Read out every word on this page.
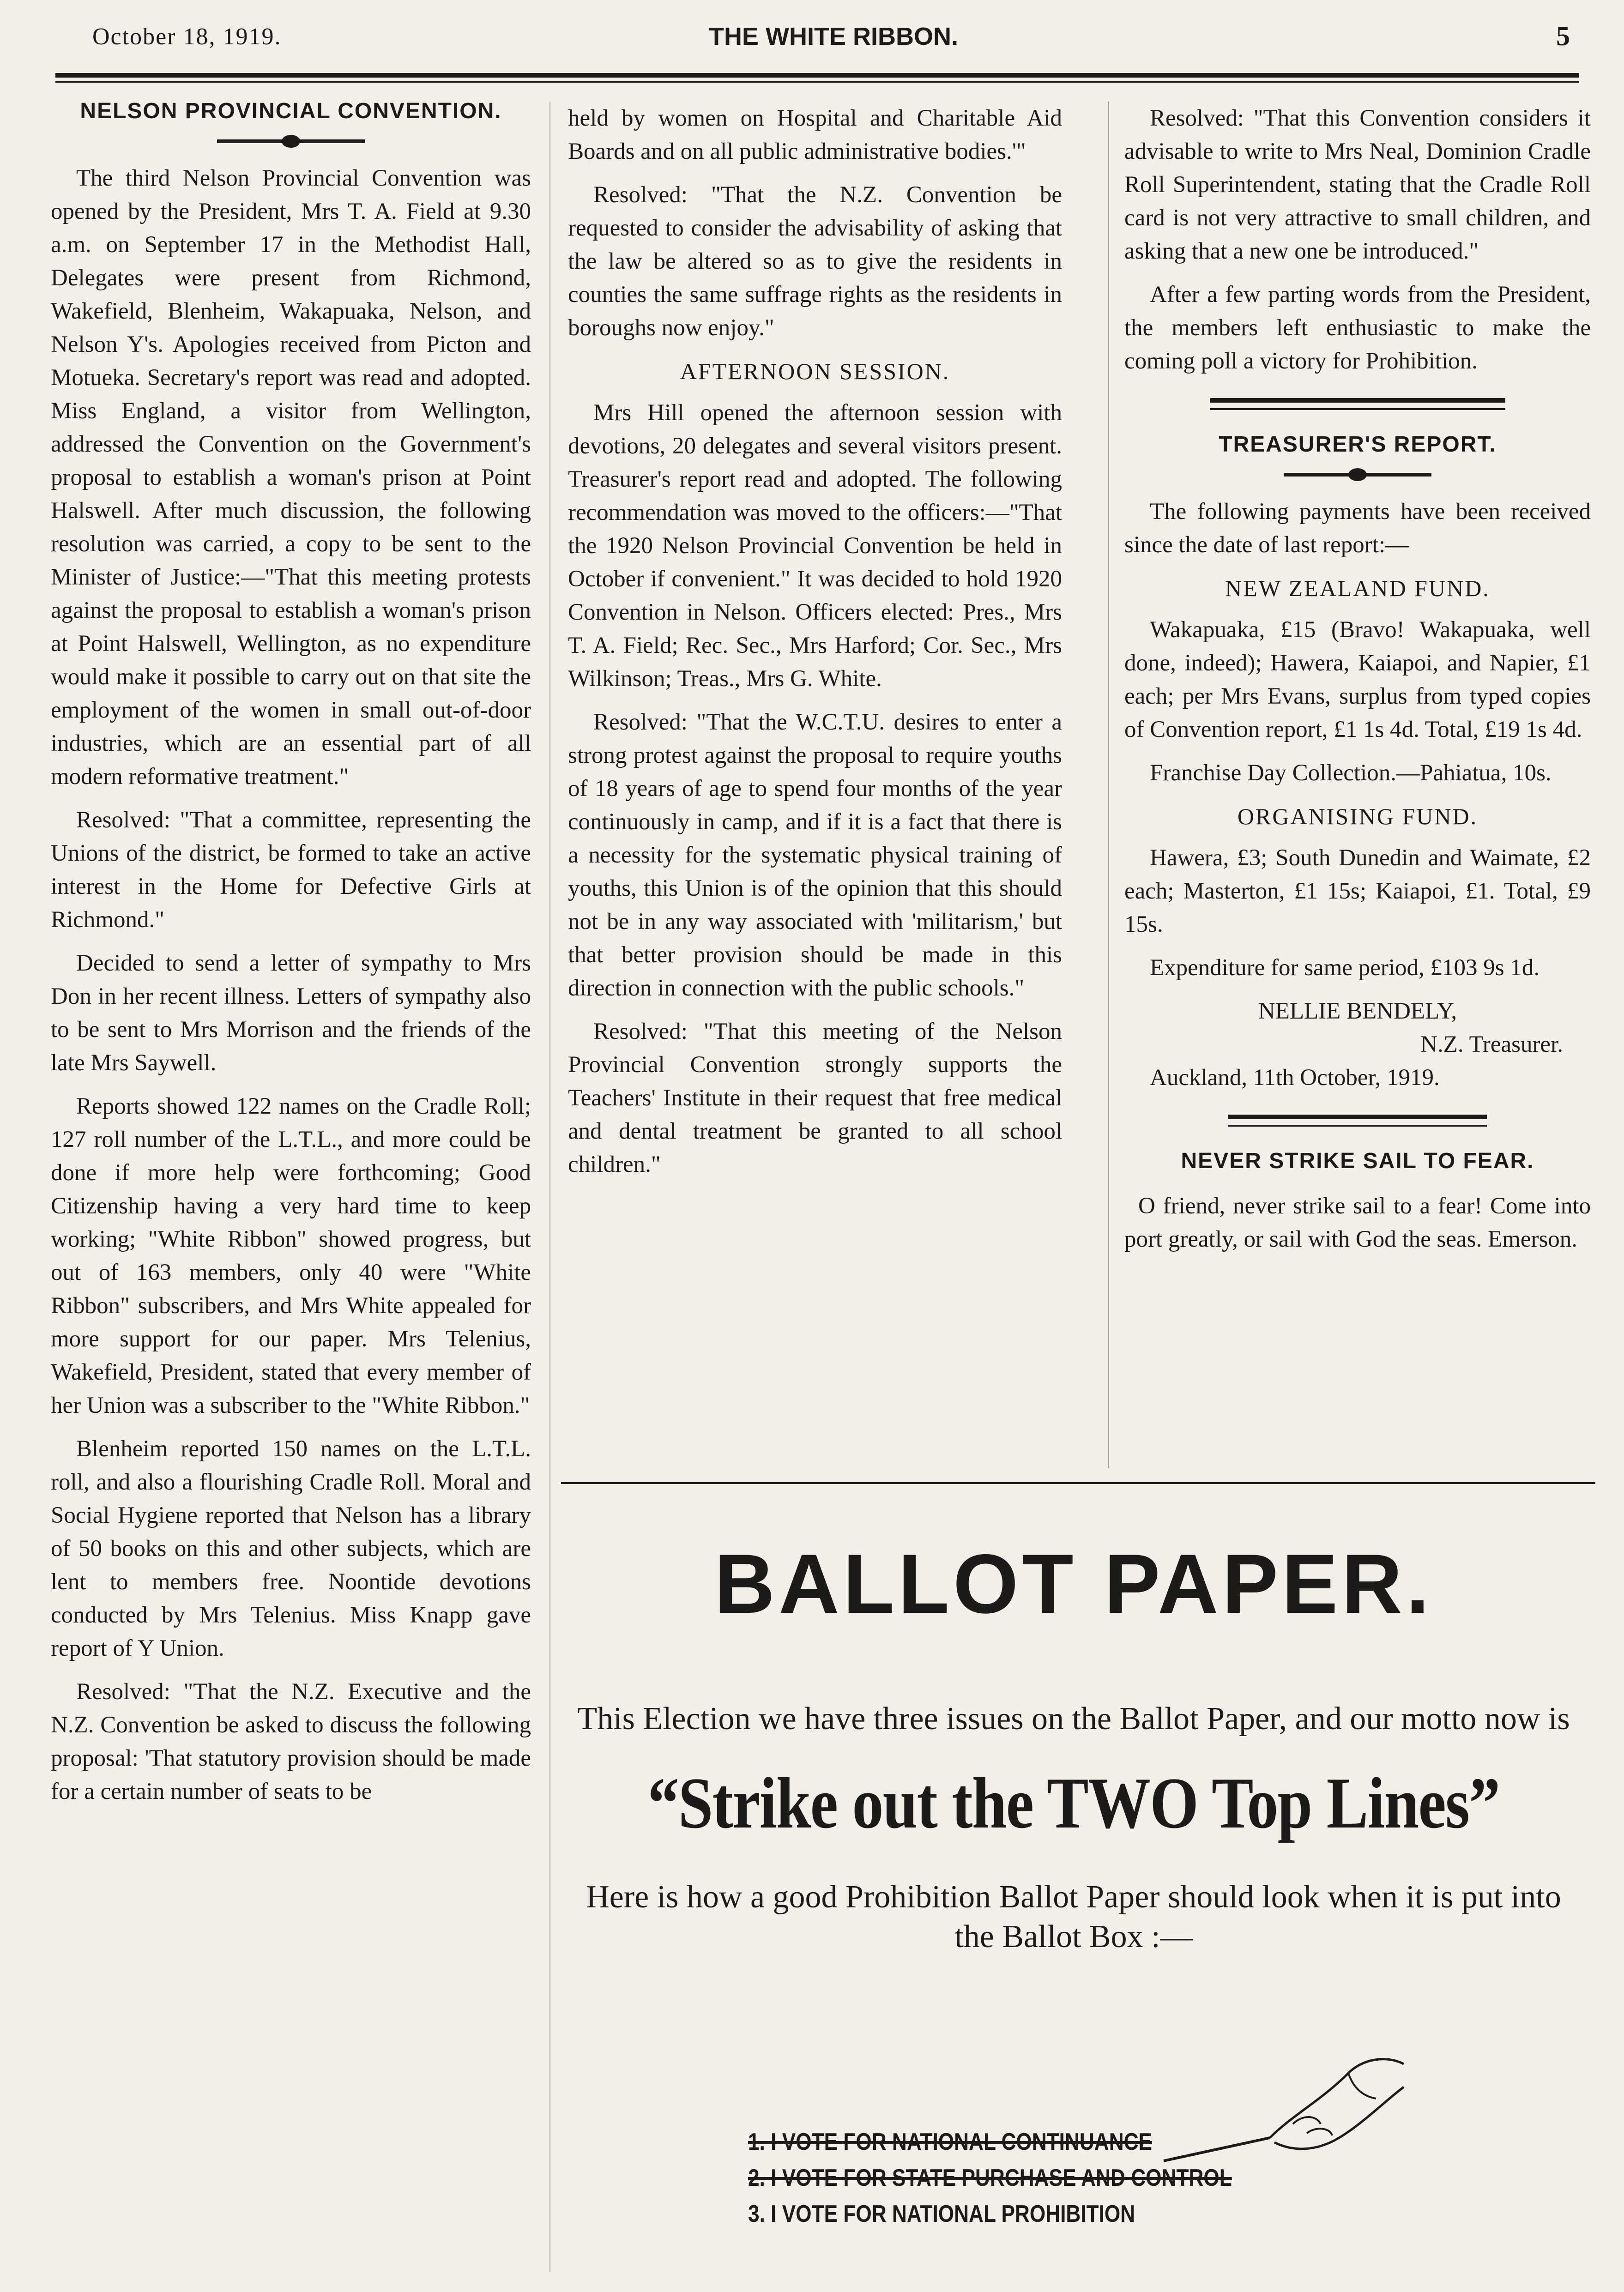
October 18, 1919.	THE WHITE RIBBON.	5
NELSON PROVINCIAL CONVENTION.

The third Nelson Provincial Convention was opened by the President, Mrs T. A. Field at 9.30 a.m. on September 17 in the Methodist Hall, Delegates were present from Richmond, Wakefield, Blenheim, Wakapuaka, Nelson, and Nelson Y's. Apologies received from Picton and Motueka. Secretary's report was read and adopted. Miss England, a visitor from Wellington, addressed the Convention on the Government's proposal to establish a woman's prison at Point Halswell. After much discussion, the following resolution was carried, a copy to be sent to the Minister of Justice:—"That this meeting protests against the proposal to establish a woman's prison at Point Halswell, Wellington, as no expenditure would make it possible to carry out on that site the employment of the women in small out-of-door industries, which are an essential part of all modern reformative treatment."

Resolved: "That a committee, representing the Unions of the district, be formed to take an active interest in the Home for Defective Girls at Richmond."

Decided to send a letter of sympathy to Mrs Don in her recent illness. Letters of sympathy also to be sent to Mrs Morrison and the friends of the late Mrs Saywell.

Reports showed 122 names on the Cradle Roll; 127 roll number of the L.T.L., and more could be done if more help were forthcoming; Good Citizenship having a very hard time to keep working; "White Ribbon" showed progress, but out of 163 members, only 40 were "White Ribbon" subscribers, and Mrs White appealed for more support for our paper. Mrs Telenius, Wakefield, President, stated that every member of her Union was a subscriber to the "White Ribbon."

Blenheim reported 150 names on the L.T.L. roll, and also a flourishing Cradle Roll. Moral and Social Hygiene reported that Nelson has a library of 50 books on this and other subjects, which are lent to members free. Noontide devotions conducted by Mrs Telenius. Miss Knapp gave report of Y Union.

Resolved: "That the N.Z. Executive and the N.Z. Convention be asked to discuss the following proposal: 'That statutory provision should be made for a certain number of seats to be

held by women on Hospital and Charitable Aid Boards and on all public administrative bodies.'"

Resolved: "That the N.Z. Convention be requested to consider the advisability of asking that the law be altered so as to give the residents in counties the same suffrage rights as the residents in boroughs now enjoy."

AFTERNOON SESSION.

Mrs Hill opened the afternoon session with devotions, 20 delegates and several visitors present. Treasurer's report read and adopted. The following recommendation was moved to the officers:—"That the 1920 Nelson Provincial Convention be held in October if convenient." It was decided to hold 1920 Convention in Nelson. Officers elected: Pres., Mrs T. A. Field; Rec. Sec., Mrs Harford; Cor. Sec., Mrs Wilkinson; Treas., Mrs G. White.

Resolved: "That the W.C.T.U. desires to enter a strong protest against the proposal to require youths of 18 years of age to spend four months of the year continuously in camp, and if it is a fact that there is a necessity for the systematic physical training of youths, this Union is of the opinion that this should not be in any way associated with 'militarism,' but that better provision should be made in this direction in connection with the public schools."

Resolved: "That this meeting of the Nelson Provincial Convention strongly supports the Teachers' Institute in their request that free medical and dental treatment be granted to all school children."

Resolved: "That this Convention considers it advisable to write to Mrs Neal, Dominion Cradle Roll Superintendent, stating that the Cradle Roll card is not very attractive to small children, and asking that a new one be introduced."

After a few parting words from the President, the members left enthusiastic to make the coming poll a victory for Prohibition.

TREASURER'S REPORT.

The following payments have been received since the date of last report:—

NEW ZEALAND FUND.

Wakapuaka, £15 (Bravo! Wakapuaka, well done, indeed); Hawera, Kaiapoi, and Napier, £1 each; per Mrs Evans, surplus from typed copies of Convention report, £1 1s 4d. Total, £19 1s 4d.

Franchise Day Collection.—Pahiatua, 10s.

ORGANISING FUND.

Hawera, £3; South Dunedin and Waimate, £2 each; Masterton, £1 15s; Kaiapoi, £1. Total, £9 15s.

Expenditure for same period, £103 9s 1d.

NELLIE BENDELY,
N.Z. Treasurer.
Auckland, 11th October, 1919.
NEVER STRIKE SAIL TO FEAR.

O friend, never strike sail to a fear! Come into port greatly, or sail with God the seas. Emerson.

BALLOT PAPER.
This Election we have three issues on the Ballot Paper, and our motto now is
“Strike out the TWO Top Lines”
Here is how a good Prohibition Ballot Paper should look when it is put into the Ballot Box :—
1. I VOTE FOR NATIONAL CONTINUANCE
2. I VOTE FOR STATE PURCHASE AND CONTROL
3. I VOTE FOR NATIONAL PROHIBITION
